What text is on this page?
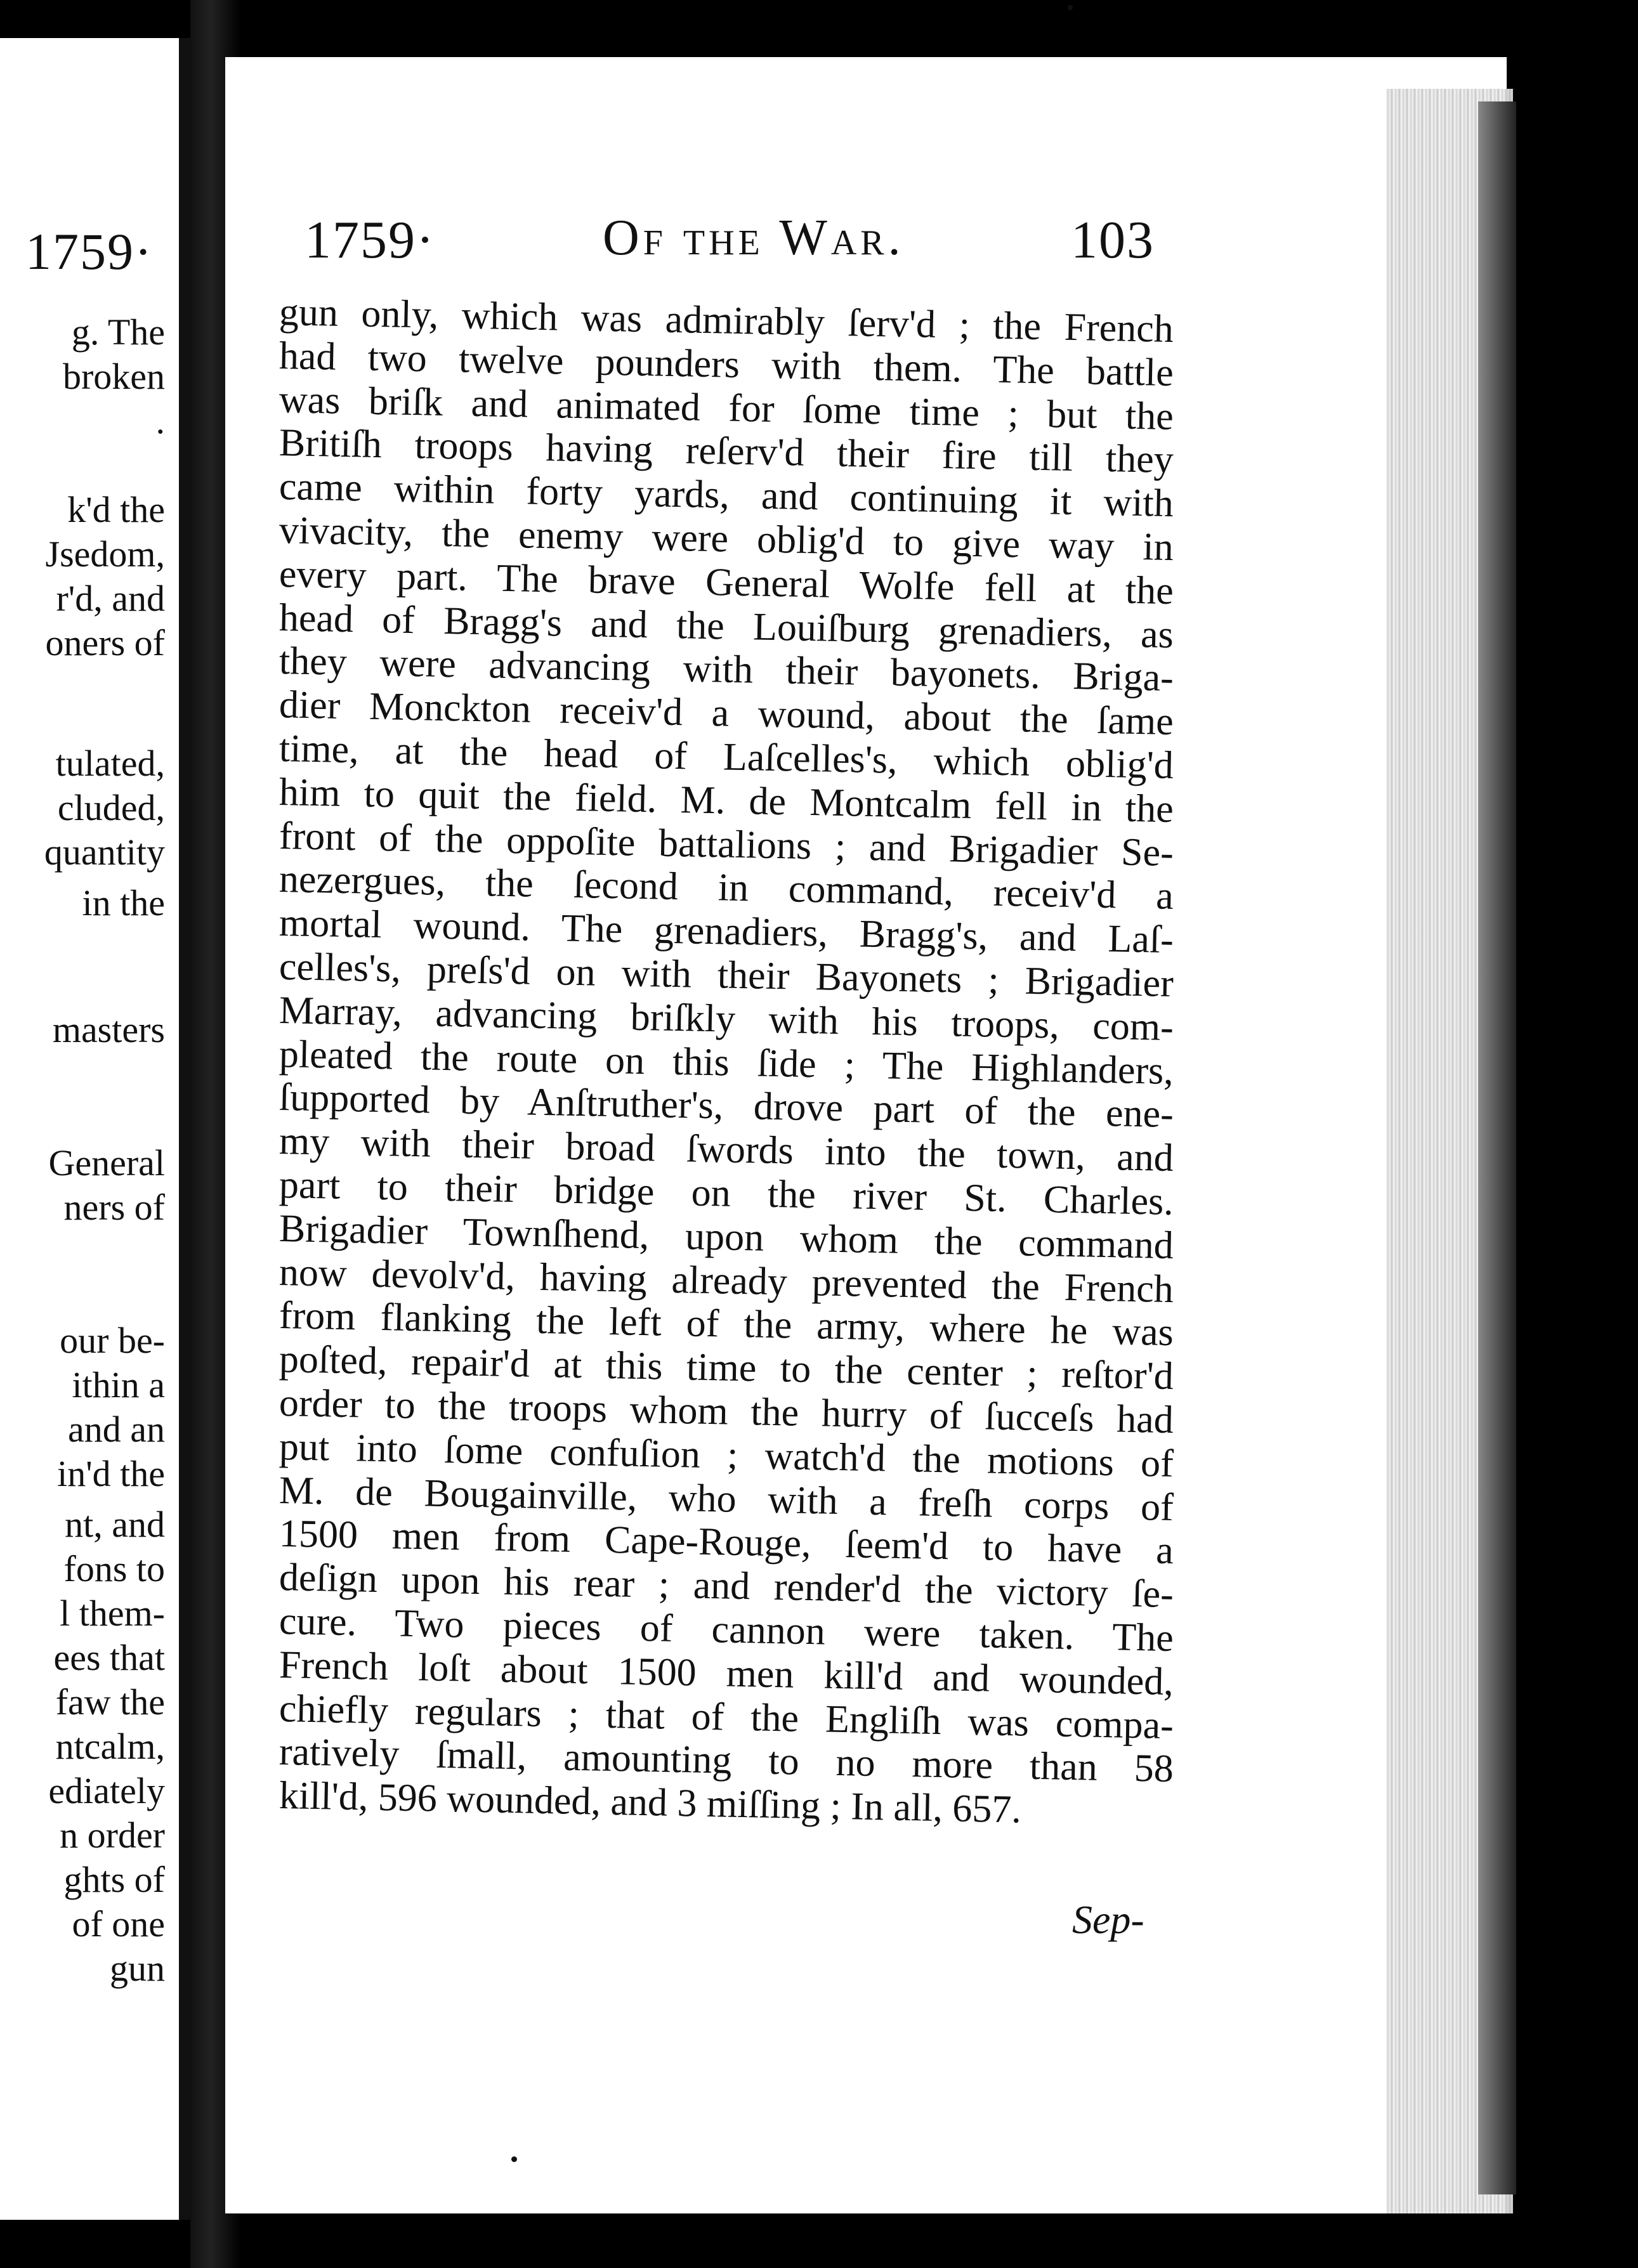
1759·
g. The
broken
.
k'd the
Jsedom,
r'd, and
oners of
tulated,
cluded,
quantity
in the
masters
General
ners of
our be-
ithin a
and an
in'd the
nt, and
fons to
l them-
ees that
faw the
ntcalm,
ediately
n order
ghts of
of one
gun
1759·	Of the War.	103
gun only, which was admirably ſerv'd ; the French
had two twelve pounders with them. The battle
was briſk and animated for ſome time ; but the
Britiſh troops having reſerv'd their fire till they
came within forty yards, and continuing it with
vivacity, the enemy were oblig'd to give way in
every part. The brave General Wolfe fell at the
head of Bragg's and the Louiſburg grenadiers, as
they were advancing with their bayonets. Briga-
dier Monckton receiv'd a wound, about the ſame
time, at the head of Laſcelles's, which oblig'd
him to quit the field. M. de Montcalm fell in the
front of the oppoſite battalions ; and Brigadier Se-
nezergues, the ſecond in command, receiv'd a
mortal wound. The grenadiers, Bragg's, and Laſ-
celles's, preſs'd on with their Bayonets ; Brigadier
Marray, advancing briſkly with his troops, com-
pleated the route on this ſide ; The Highlanders,
ſupported by Anſtruther's, drove part of the ene-
my with their broad ſwords into the town, and
part to their bridge on the river St. Charles.
Brigadier Townſhend, upon whom the command
now devolv'd, having already prevented the French
from flanking the left of the army, where he was
poſted, repair'd at this time to the center ; reſtor'd
order to the troops whom the hurry of ſucceſs had
put into ſome confuſion ; watch'd the motions of
M. de Bougainville, who with a freſh corps of
1500 men from Cape-Rouge, ſeem'd to have a
deſign upon his rear ; and render'd the victory ſe-
cure. Two pieces of cannon were taken. The
French loſt about 1500 men kill'd and wounded,
chiefly regulars ; that of the Engliſh was compa-
ratively ſmall, amounting to no more than 58
kill'd, 596 wounded, and 3 miſſing ; In all, 657.
Sep-
